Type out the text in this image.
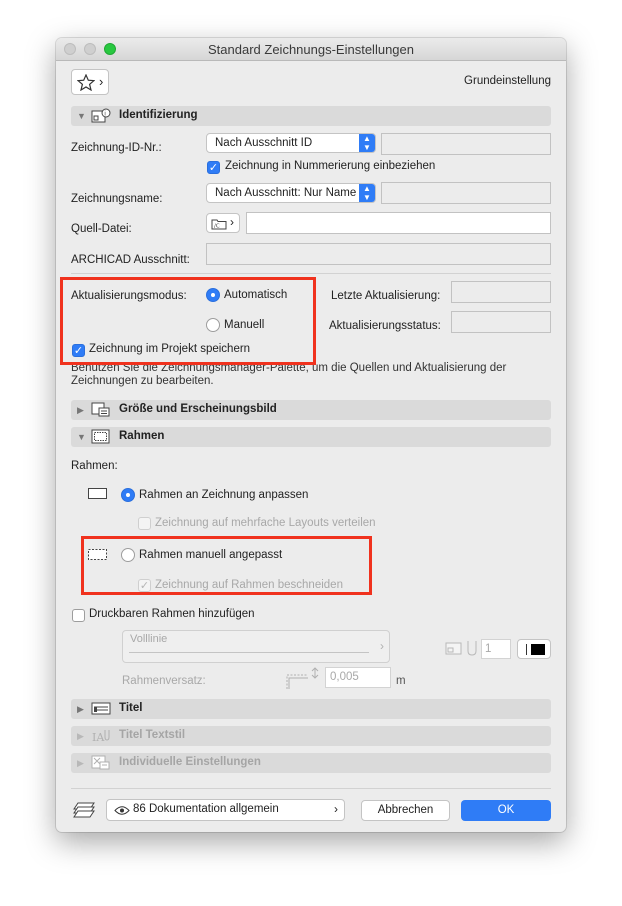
Standard Zeichnungs-Einstellungen
›	Grundeinstellung
▼	i Identifizierung
Zeichnung-ID-Nr.:	Nach Ausschnitt ID	▲
▼
✓ Zeichnung in Nummerierung einbeziehen
Zeichnungsname:	Nach Ausschnitt: Nur Name ▲
▼
Quell-Datei:	/C ›
ARCHICAD Ausschnitt:
Aktualisierungsmodus:	Automatisch
Manuell
Letzte Aktualisierung:
Aktualisierungsstatus:
✓ Zeichnung im Projekt speichern
Benutzen Sie die Zeichnungsmanager-Palette, um die Quellen und Aktualisierung der
Zeichnungen zu bearbeiten.
▶	Größe und Erscheinungsbild
▼	Rahmen
Rahmen:
Rahmen an Zeichnung anpassen
Zeichnung auf mehrfache Layouts verteilen
Rahmen manuell angepasst
✓ Zeichnung auf Rahmen beschneiden
Druckbaren Rahmen hinzufügen
Volllinie	›	1
Rahmenversatz:	0,005	m
▶	Titel
▶ IA Titel Textstil
▶	Individuelle Einstellungen
86 Dokumentation allgemein	›	Abbrechen	OK
